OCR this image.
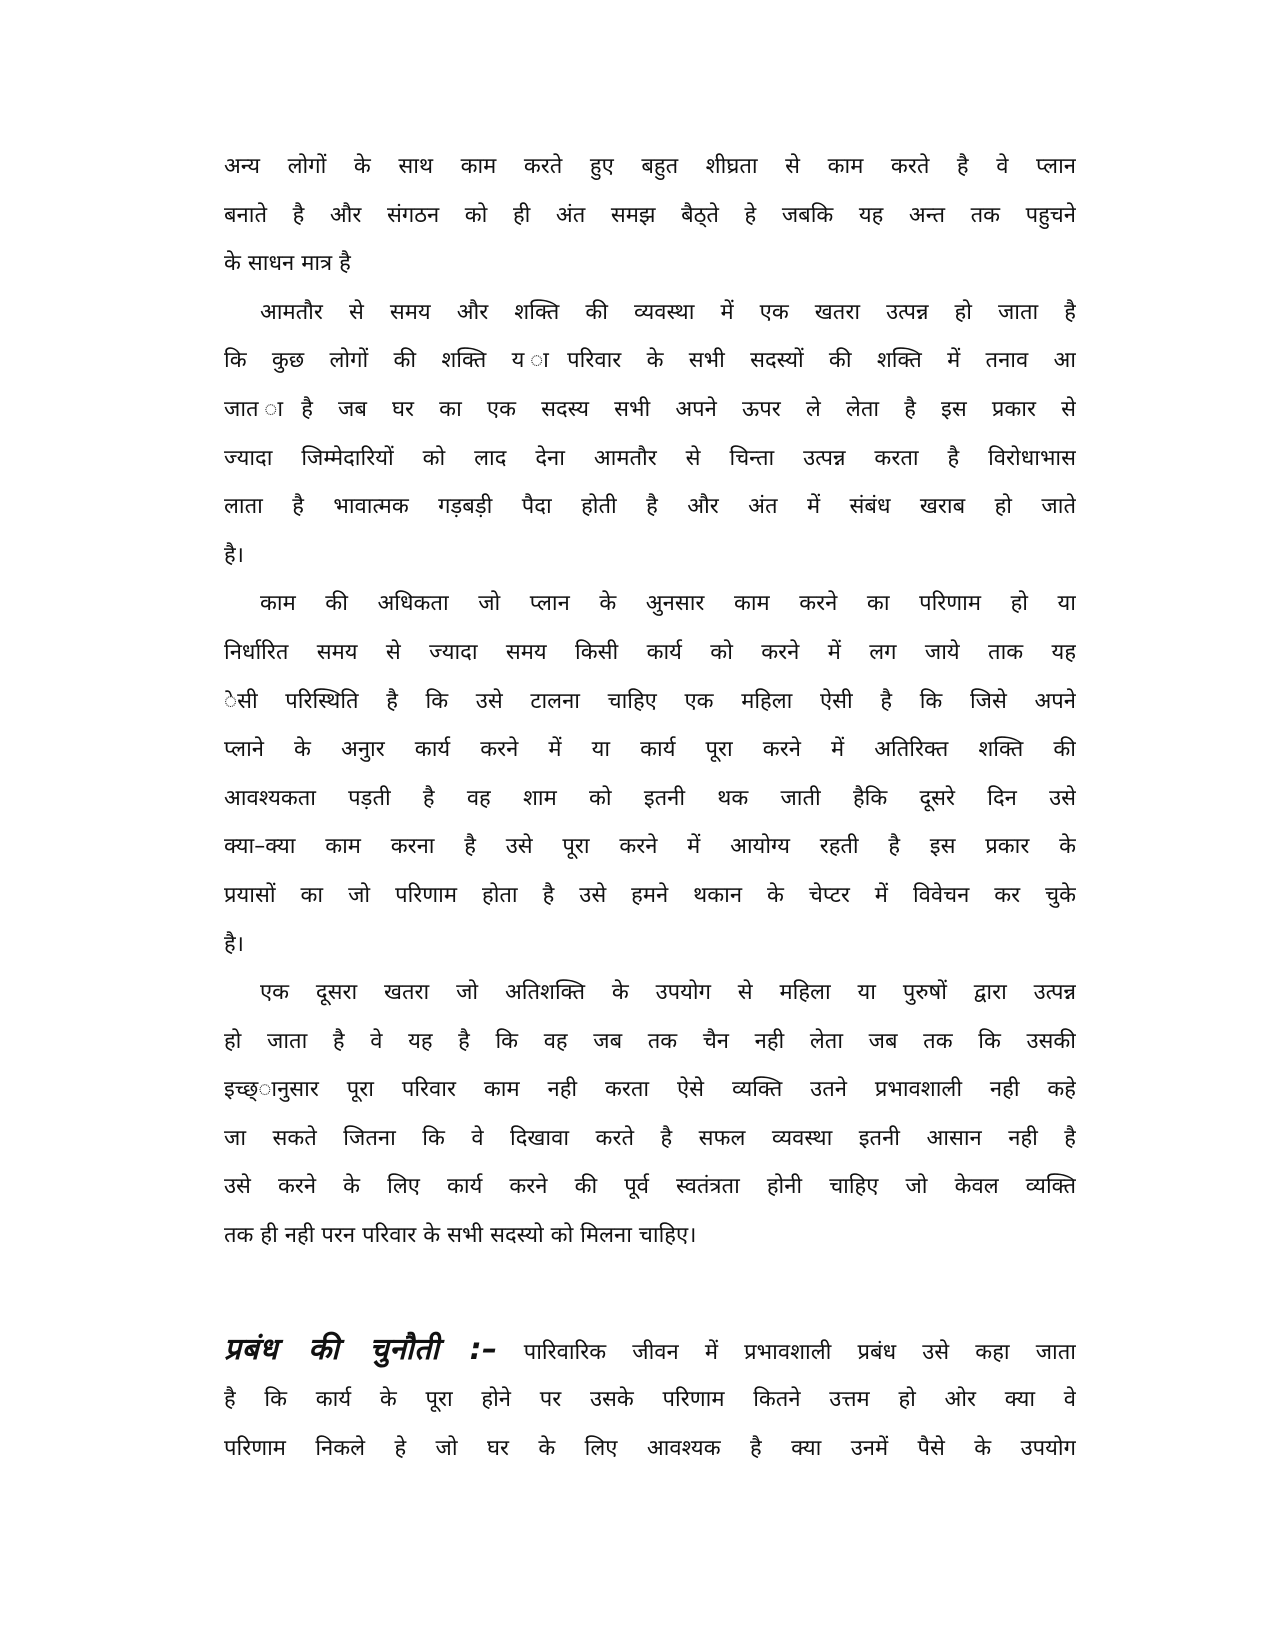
अन्य लोगों के साथ काम करते हुए बहुत शीघ्रता से काम करते है वे प्लान
बनाते है और संगठन को ही अंत समझ बैठ्ते हे जबकि यह अन्त तक पहुचने
के साधन मात्र है
आमतौर से समय और शक्ति की व्यवस्था में एक खतरा उत्पन्न हो जाता है
कि कुछ लोगों की शक्ति य ापरिवार के सभी सदस्यों की शक्ति में तनाव आ
जात ाहै जब घर का एक सदस्य सभी अपने ऊपर ले लेता है इस प्रकार से
ज्यादा जिम्मेदारियों को लाद देना आमतौर से चिन्ता उत्पन्न करता है विरोधाभास
लाता है भावात्मक गड़बड़ी पैदा होती है और अंत में संबंध खराब हो जाते
है।
काम की अधिकता जो प्लान के अुनसार काम करने का परिणाम हो या
निर्धारित समय से ज्यादा समय किसी कार्य को करने में लग जाये ताक यह
ेसी परिस्थिति है कि उसे टालना चाहिए एक महिला ऐसी है कि जिसे अपने
प्लाने के अनुार कार्य करने में या कार्य पूरा करने में अतिरिक्त शक्ति की
आवश्यकता पड़ती है वह शाम को इतनी थक जाती हैकि दूसरे दिन उसे
क्या–क्या काम करना है उसे पूरा करने में आयोग्य रहती है इस प्रकार के
प्रयासों का जो परिणाम होता है उसे हमने थकान के चेप्टर में विवेचन कर चुके
है।
एक दूसरा खतरा जो अतिशक्ति के उपयोग से महिला या पुरुषों द्वारा उत्पन्न
हो जाता है वे यह है कि वह जब तक चैन नही लेता जब तक कि उसकी
इच्छ्ानुसार पूरा परिवार काम नही करता ऐसे व्यक्ति उतने प्रभावशाली नही कहे
जा सकते जितना कि वे दिखावा करते है सफल व्यवस्था इतनी आसान नही है
उसे करने के लिए कार्य करने की पूर्व स्वतंत्रता होनी चाहिए जो केवल व्यक्ति
तक ही नही परन परिवार के सभी सदस्यो को मिलना चाहिए।
प्रबंध की चुनौती :– पारिवारिक जीवन में प्रभावशाली प्रबंध उसे कहा जाता
है कि कार्य के पूरा होने पर उसके परिणाम कितने उत्तम हो ओर क्या वे
परिणाम निकले हे जो घर के लिए आवश्यक है क्या उनमें पैसे के उपयोग
